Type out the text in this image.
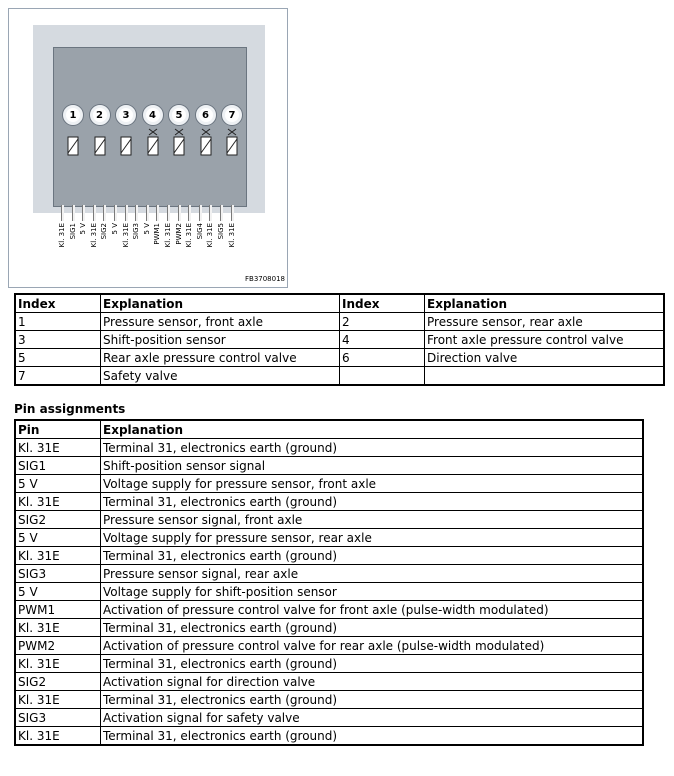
FB3708018
1	2	3	4	5	6	7
Kl. 31E SIG1 5 V Kl. 31E SIG2 5 V Kl. 31E SIG3 5 V PWM1 Kl. 31E PWM2 Kl. 31E SIG4 Kl. 31E SIG5 Kl. 31E
Index	Explanation	Index	Explanation
1	Pressure sensor, front axle	2	Pressure sensor, rear axle
3	Shift-position sensor	4	Front axle pressure control valve
5	Rear axle pressure control valve	6	Direction valve
7	Safety valve		
Pin assignments
Pin	Explanation
Kl. 31E	Terminal 31, electronics earth (ground)
SIG1	Shift-position sensor signal
5 V	Voltage supply for pressure sensor, front axle
Kl. 31E	Terminal 31, electronics earth (ground)
SIG2	Pressure sensor signal, front axle
5 V	Voltage supply for pressure sensor, rear axle
Kl. 31E	Terminal 31, electronics earth (ground)
SIG3	Pressure sensor signal, rear axle
5 V	Voltage supply for shift-position sensor
PWM1	Activation of pressure control valve for front axle (pulse-width modulated)
Kl. 31E	Terminal 31, electronics earth (ground)
PWM2	Activation of pressure control valve for rear axle (pulse-width modulated)
Kl. 31E	Terminal 31, electronics earth (ground)
SIG2	Activation signal for direction valve
Kl. 31E	Terminal 31, electronics earth (ground)
SIG3	Activation signal for safety valve
Kl. 31E	Terminal 31, electronics earth (ground)
